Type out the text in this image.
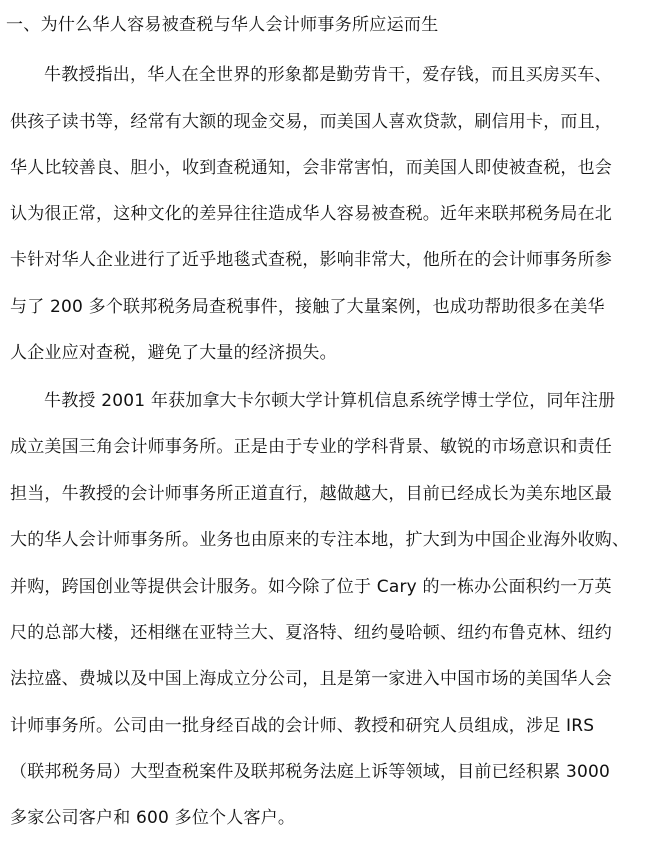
一、为什么华人容易被查税与华人会计师事务所应运而生
牛教授指出，华人在全世界的形象都是勤劳肯干，爱存钱，而且买房买车、
供孩子读书等，经常有大额的现金交易，而美国人喜欢贷款，刷信用卡，而且，
华人比较善良、胆小，收到查税通知，会非常害怕，而美国人即使被查税，也会
认为很正常，这种文化的差异往往造成华人容易被查税。近年来联邦税务局在北
卡针对华人企业进行了近乎地毯式查税，影响非常大，他所在的会计师事务所参
与了 200 多个联邦税务局查税事件，接触了大量案例，也成功帮助很多在美华
人企业应对查税，避免了大量的经济损失。
牛教授 2001 年获加拿大卡尔顿大学计算机信息系统学博士学位，同年注册
成立美国三角会计师事务所。正是由于专业的学科背景、敏锐的市场意识和责任
担当，牛教授的会计师事务所正道直行，越做越大，目前已经成长为美东地区最
大的华人会计师事务所。业务也由原来的专注本地，扩大到为中国企业海外收购、
并购，跨国创业等提供会计服务。如今除了位于 Cary 的一栋办公面积约一万英
尺的总部大楼，还相继在亚特兰大、夏洛特、纽约曼哈顿、纽约布鲁克林、纽约
法拉盛、费城以及中国上海成立分公司，且是第一家进入中国市场的美国华人会
计师事务所。公司由一批身经百战的会计师、教授和研究人员组成，涉足 IRS
（联邦税务局）大型查税案件及联邦税务法庭上诉等领域，目前已经积累 3000
多家公司客户和 600 多位个人客户。
